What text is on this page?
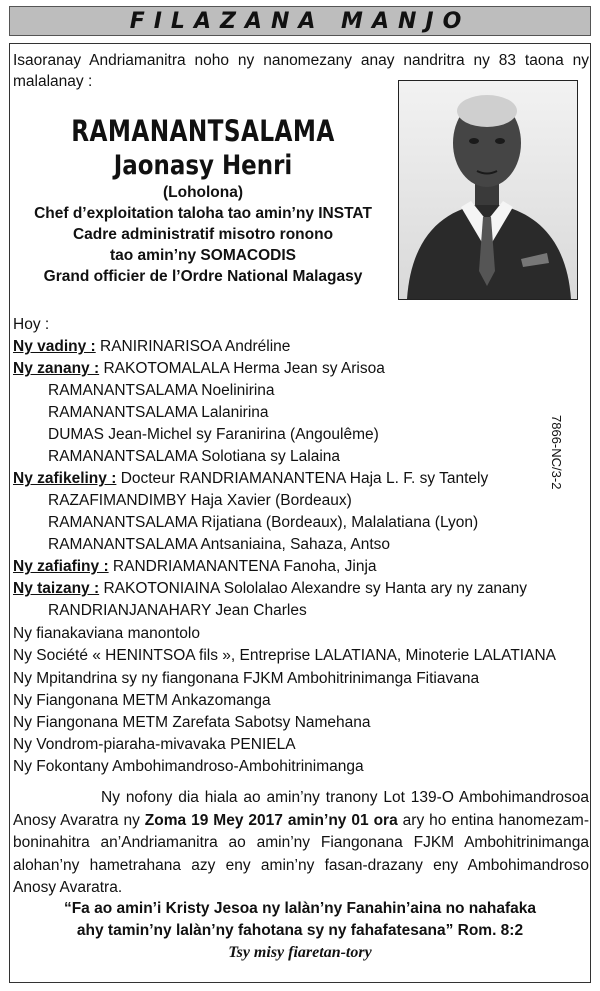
FILAZANA MANJO
Isaoranay Andriamanitra noho ny nanomezany anay nandritra ny 83 taona ny malalanay :
RAMANANTSALAMA
Jaonasy Henri
(Loholona)
Chef d’exploitation taloha tao amin’ny INSTAT
Cadre administratif misotro ronono
tao amin’ny SOMACODIS
Grand officier de l’Ordre National Malagasy
7866-NC/3-2
Hoy :
Ny vadiny : RANIRINARISOA Andréline
Ny zanany : RAKOTOMALALA Herma Jean sy Arisoa
RAMANANTSALAMA Noelinirina
RAMANANTSALAMA Lalanirina
DUMAS Jean-Michel sy Faranirina (Angoulême)
RAMANANTSALAMA Solotiana sy Lalaina
Ny zafikeliny : Docteur RANDRIAMANANTENA Haja L. F. sy Tantely
RAZAFIMANDIMBY Haja Xavier (Bordeaux)
RAMANANTSALAMA Rijatiana (Bordeaux), Malalatiana (Lyon)
RAMANANTSALAMA Antsaniaina, Sahaza, Antso
Ny zafiafiny : RANDRIAMANANTENA Fanoha, Jinja
Ny taizany : RAKOTONIAINA Sololalao Alexandre sy Hanta ary ny zanany
RANDRIANJANAHARY Jean Charles
Ny fianakaviana manontolo
Ny Société « HENINTSOA fils », Entreprise LALATIANA, Minoterie LALATIANA
Ny Mpitandrina sy ny fiangonana FJKM Ambohitrinimanga Fitiavana
Ny Fiangonana METM Ankazomanga
Ny Fiangonana METM Zarefata Sabotsy Namehana
Ny Vondrom-piaraha-mivavaka PENIELA
Ny Fokontany Ambohimandroso-Ambohitrinimanga
Ny nofony dia hiala ao amin’ny tranony Lot 139-O Ambohimandrosoa Anosy Avaratra ny Zoma 19 Mey 2017 amin’ny 01 ora ary ho entina hanomezam-boninahitra an’Andriamanitra ao amin’ny Fiangonana FJKM Ambohitrinimanga alohan’ny hametrahana azy eny amin’ny fasan-drazany eny Ambohimandroso Anosy Avaratra.
“Fa ao amin’i Kristy Jesoa ny lalàn’ny Fanahin’aina no nahafaka
ahy tamin’ny lalàn’ny fahotana sy ny fahafatesana” Rom. 8:2
Tsy misy fiaretan-tory
